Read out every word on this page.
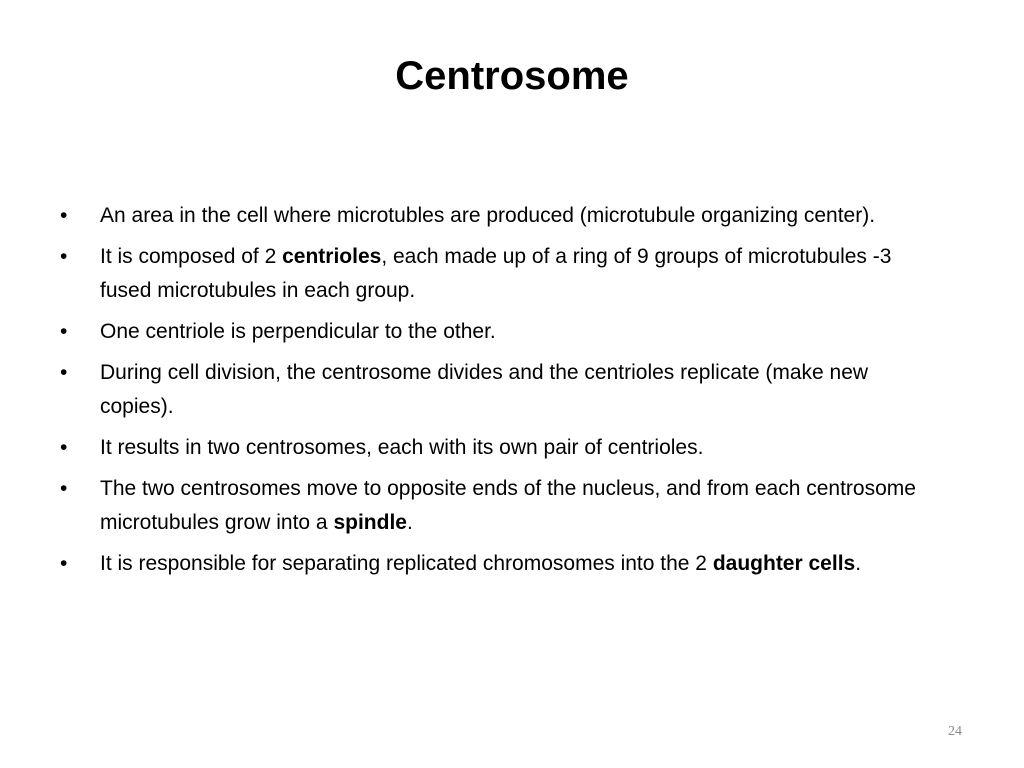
Centrosome
•	An area in the cell where microtubles are produced (microtubule organizing center).
•	It is composed of 2 centrioles, each made up of a ring of 9 groups of microtubules -3 fused microtubules in each group.
•	One centriole is perpendicular to the other.
•	During cell division, the centrosome divides and the centrioles replicate (make new copies).
•	It results in two centrosomes, each with its own pair of centrioles.
•	The two centrosomes move to opposite ends of the nucleus, and from each centrosome microtubules grow into a spindle.
•	It is responsible for separating replicated chromosomes into the 2 daughter cells.
24
